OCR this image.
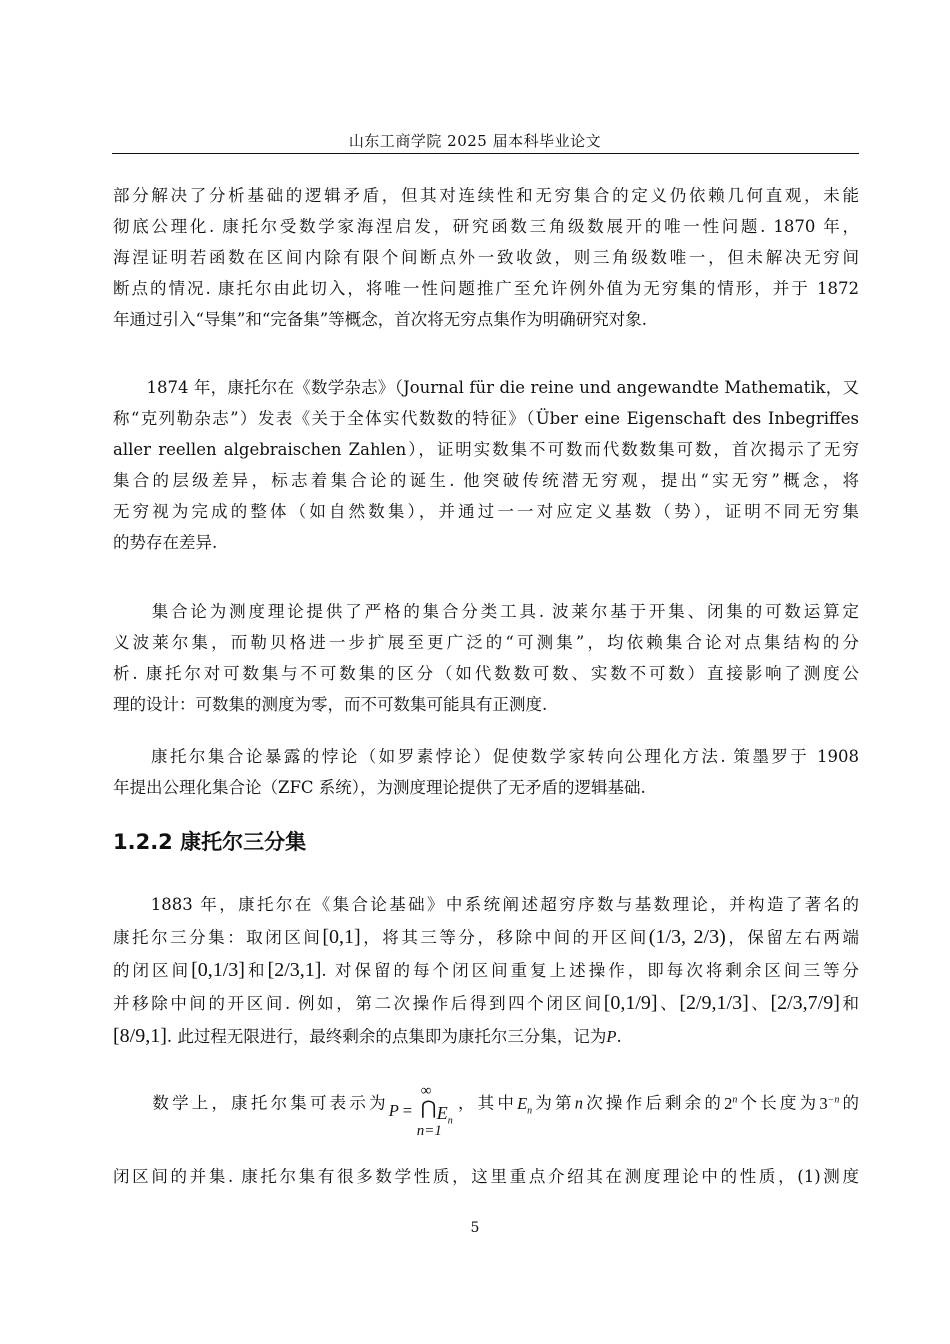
山东工商学院 2025 届本科毕业论文
部分解决了分析基础的逻辑矛盾，但其对连续性和无穷集合的定义仍依赖几何直观，未能
彻底公理化. 康托尔受数学家海涅启发，研究函数三角级数展开的唯一性问题. 1870 年，
海涅证明若函数在区间内除有限个间断点外一致收敛，则三角级数唯一，但未解决无穷间
断点的情况. 康托尔由此切入，将唯一性问题推广至允许例外值为无穷集的情形，并于 1872
年通过引入“导集”和“完备集”等概念，首次将无穷点集作为明确研究对象.
　　1874 年，康托尔在《数学杂志》（Journal für die reine und angewandte Mathematik，又
称“克列勒杂志”）发表《关于全体实代数数的特征》（Über eine Eigenschaft des Inbegriffes
aller reellen algebraischen Zahlen），证明实数集不可数而代数数集可数，首次揭示了无穷
集合的层级差异，标志着集合论的诞生. 他突破传统潜无穷观，提出“实无穷”概念，将
无穷视为完成的整体（如自然数集），并通过一一对应定义基数（势），证明不同无穷集
的势存在差异.
　　集合论为测度理论提供了严格的集合分类工具. 波莱尔基于开集、闭集的可数运算定
义波莱尔集，而勒贝格进一步扩展至更广泛的“可测集”，均依赖集合论对点集结构的分
析. 康托尔对可数集与不可数集的区分（如代数数可数、实数不可数）直接影响了测度公
理的设计：可数集的测度为零，而不可数集可能具有正测度.
　　康托尔集合论暴露的悖论（如罗素悖论）促使数学家转向公理化方法. 策墨罗于 1908
年提出公理化集合论（ZFC 系统），为测度理论提供了无矛盾的逻辑基础.
1.2.2 康托尔三分集
　　1883 年，康托尔在《集合论基础》中系统阐述超穷序数与基数理论，并构造了著名的
康托尔三分集：取闭区间[0,1]，将其三等分，移除中间的开区间(1/3, 2/3)，保留左右两端
的闭区间[0,1/3]和[2/3,1]. 对保留的每个闭区间重复上述操作，即每次将剩余区间三等分
并移除中间的开区间. 例如，第二次操作后得到四个闭区间[0,1/9]、[2/9,1/3]、[2/3,7/9]和
[8/9,1]. 此过程无限进行，最终剩余的点集即为康托尔三分集，记为P.
　　数学上，康托尔集可表示为 P =
∞
⋂
n=1
$E_n$
，其中$E_n$为第n次操作后剩余的2$^n$个长度为$3^{-n}$的
闭区间的并集. 康托尔集有很多数学性质，这里重点介绍其在测度理论中的性质，(1)测度
5
